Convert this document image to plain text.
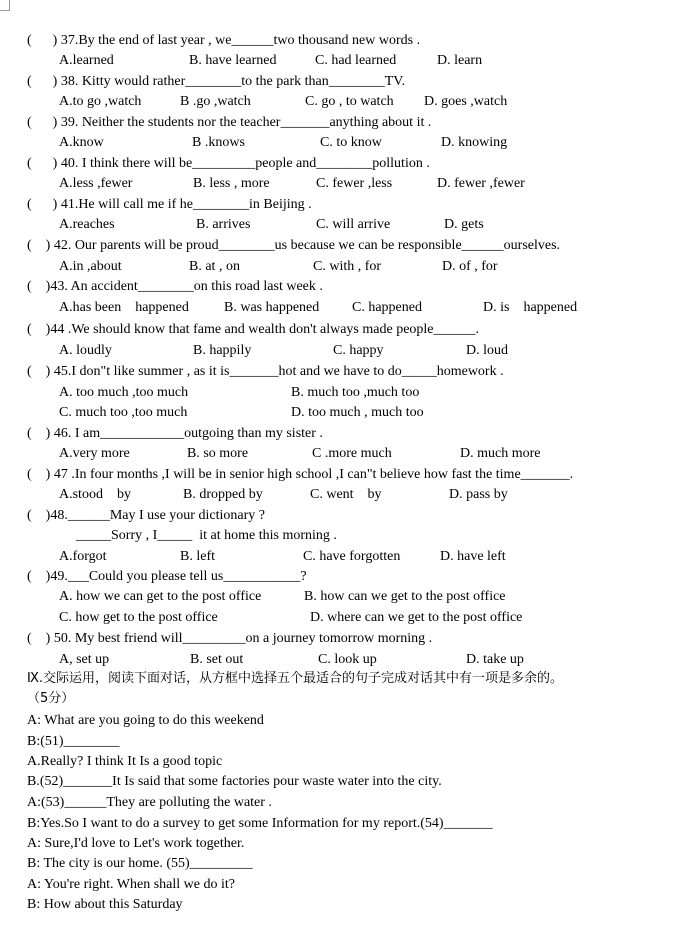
(      ) 37.By the end of last year , we______two thousand new words .
A.learned	B. have learned	C. had learned	D. learn
(      ) 38. Kitty would rather________to the park than________TV.
A.to go ,watch	B .go ,watch	C. go , to watch D. goes ,watch
(      ) 39. Neither the students nor the teacher_______anything about it .
A.know	B .knows	C. to know	D. knowing
(      ) 40. I think there will be_________people and________pollution .
A.less ,fewer	B. less , more	C. fewer ,less	D. fewer ,fewer
(      ) 41.He will call me if he________in Beijing .
A.reaches	B. arrives	C. will arrive	D. gets
(    ) 42. Our parents will be proud________us because we can be responsible______ourselves.
A.in ,about	B. at , on	C. with , for	D. of , for
(    )43. An accident________on this road last week .
A.has been    happened	B. was happened C. happened	D. is    happened
(    )44 .We should know that fame and wealth don't always made people______.
A. loudly	B. happily	C. happy	D. loud
(    ) 45.I don"t like summer , as it is_______hot and we have to do_____homework .
A. too much ,too much	B. much too ,much too
C. much too ,too much	D. too much , much too
(    ) 46. I am____________outgoing than my sister .
A.very more	B. so more	C .more much	D. much more
(    ) 47 .In four months ,I will be in senior high school ,I can"t believe how fast the time_______.
A.stood    by	B. dropped by	C. went    by	D. pass by
(    )48.______May I use your dictionary ?
_____Sorry , I_____  it at home this morning .
A.forgot	B. left	C. have forgotten	D. have left
(    )49.___Could you please tell us___________?
A. how we can get to the post office	B. how can we get to the post office
C. how get to the post office	D. where can we get to the post office
(    ) 50. My best friend will_________on a journey tomorrow morning .
A, set up	B. set out	C. look up	D. take up
Ⅸ.交际运用，阅读下面对话，从方框中选择五个最适合的句子完成对话其中有一项是多余的。
（5分）
A: What are you going to do this weekend
B:(51)________
A.Really? I think It Is a good topic
B.(52)_______It Is said that some factories pour waste water into the city.
A:(53)______They are polluting the water .
B:Yes.So I want to do a survey to get some Information for my report.(54)_______
A: Sure,I'd love to Let's work together.
B: The city is our home. (55)_________
A: You're right. When shall we do it?
B: How about this Saturday
